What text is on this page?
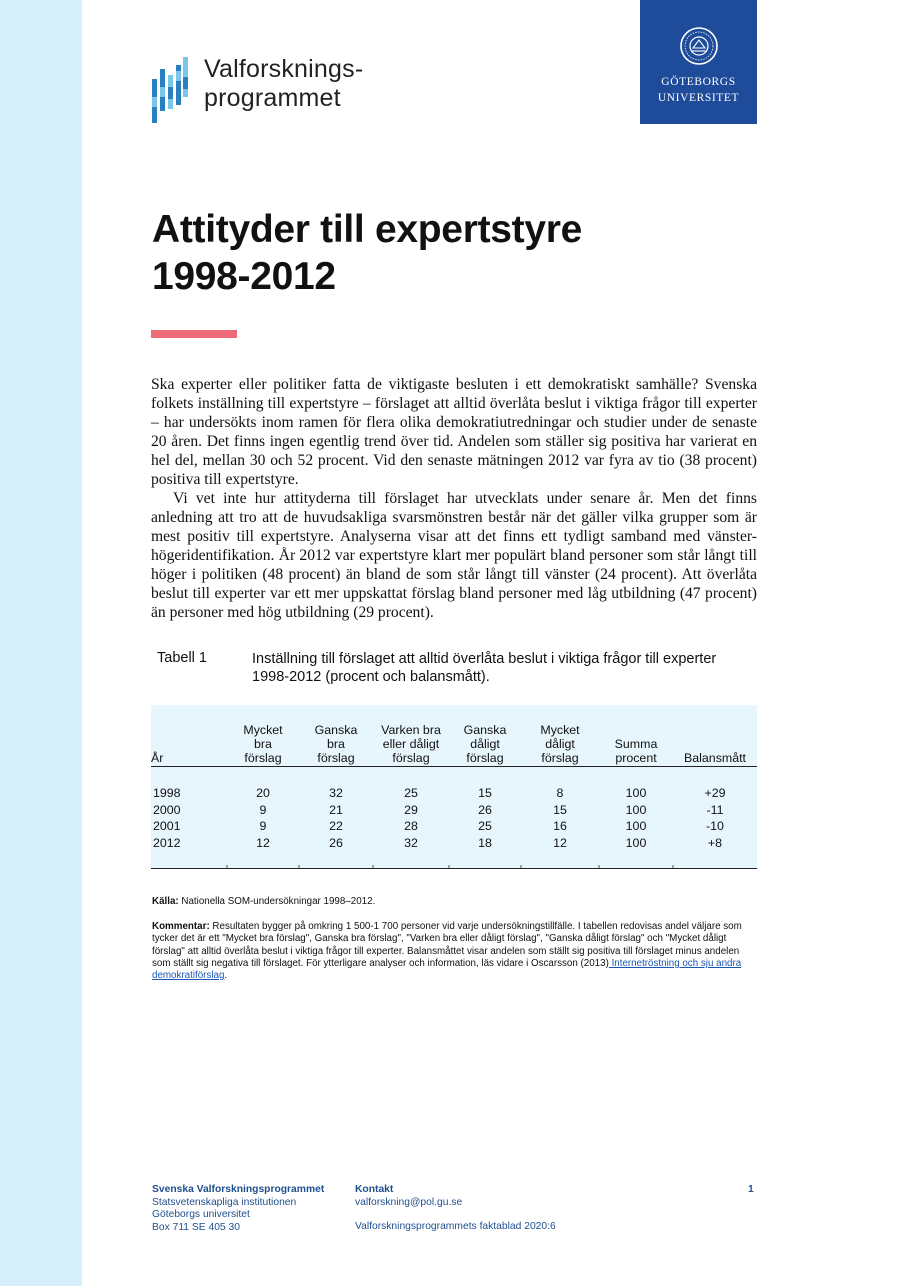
Valforsknings-
programmet
GÖTEBORGS
UNIVERSITET
Attityder till expertstyre
1998-2012

Ska experter eller politiker fatta de viktigaste besluten i ett demokratiskt samhälle? Svenska folkets inställning till expertstyre – förslaget att alltid överlåta beslut i viktiga frågor till experter – har undersökts inom ramen för flera olika demokratiutredningar och studier under de senaste 20 åren. Det finns ingen egentlig trend över tid. Andelen som ställer sig positiva har varierat en hel del, mellan 30 och 52 procent. Vid den senaste mätningen 2012 var fyra av tio (38 procent) positiva till expertstyre.

Vi vet inte hur attityderna till förslaget har utvecklats under senare år. Men det finns anledning att tro att de huvudsakliga svarsmönstren består när det gäller vilka grupper som är mest positiv till expertstyre. Analyserna visar att det finns ett tydligt samband med vänster-högeridentifikation. År 2012 var expertstyre klart mer populärt bland personer som står långt till höger i politiken (48 procent) än bland de som står långt till vänster (24 procent). Att överlåta beslut till experter var ett mer uppskattat förslag bland personer med låg utbildning (47 procent) än personer med hög utbildning (29 procent).

Tabell 1	Inställning till förslaget att alltid överlåta beslut i viktiga frågor till experter 1998-2012 (procent och balansmått).
År	Mycket
bra
förslag	Ganska
bra
förslag	Varken bra
eller dåligt
förslag	Ganska
dåligt
förslag	Mycket
dåligt
förslag	Summa
procent	Balansmått

1998	20	32	25	15	8	100	+29
2000	9	21	29	26	15	100	-11
2001	9	22	28	25	16	100	-10
2012	12	26	32	18	12	100	+8
Källa: Nationella SOM-undersökningar 1998–2012.
Kommentar: Resultaten bygger på omkring 1 500-1 700 personer vid varje undersökningstillfälle. I tabellen redovisas andel väljare som tycker det är ett "Mycket bra förslag", Ganska bra förslag", "Varken bra eller dåligt förslag", "Ganska dåligt förslag" och "Mycket dåligt förslag" att alltid överlåta beslut i viktiga frågor till experter. Balansmåttet visar andelen som ställt sig positiva till förslaget minus andelen som ställt sig negativa till förslaget. För ytterligare analyser och information, läs vidare i Oscarsson (2013) Internetröstning och sju andra demokratiförslag.
Svenska Valforskningsprogrammet
Statsvetenskapliga institutionen
Göteborgs universitet
Box 711 SE 405 30
Kontakt
valforskning@pol.gu.se
Valforskningsprogrammets faktablad 2020:6
1
